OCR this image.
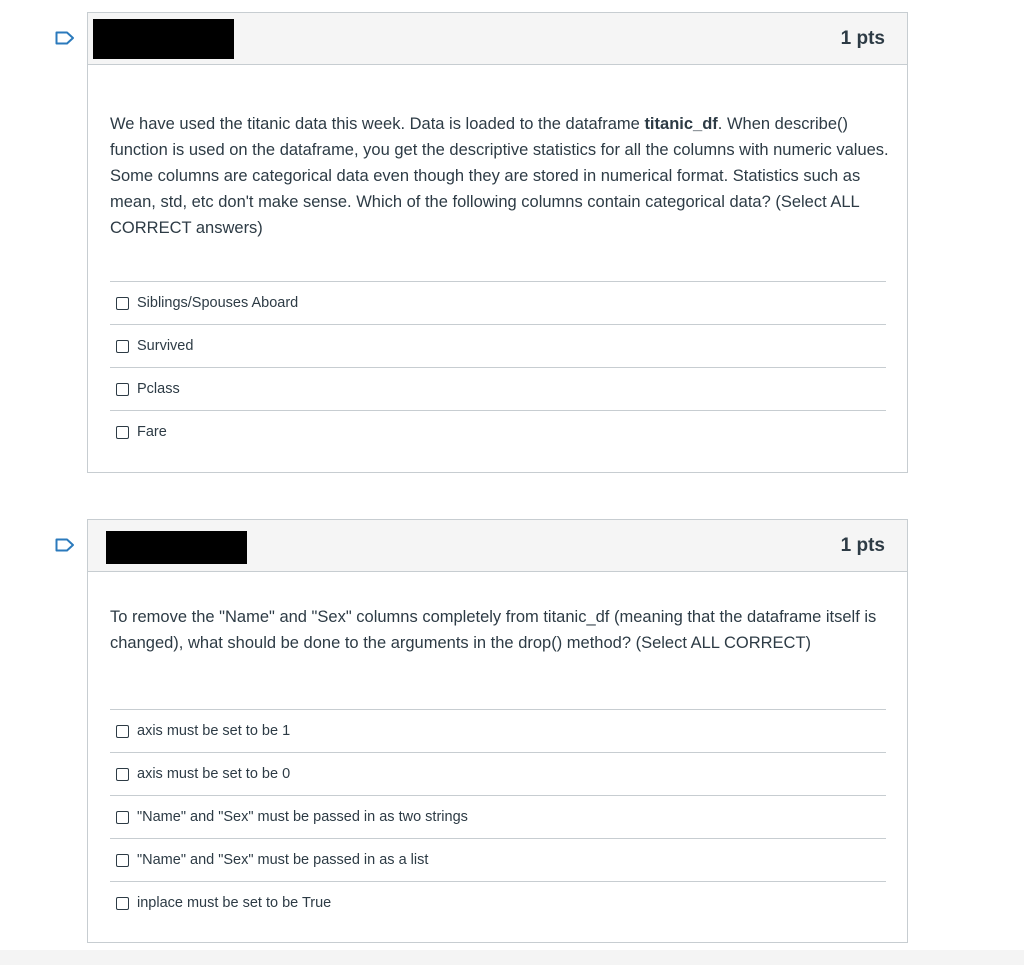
1 pts
We have used the titanic data this week. Data is loaded to the dataframe titanic_df. When describe() function is used on the dataframe, you get the descriptive statistics for all the columns with numeric values. Some columns are categorical data even though they are stored in numerical format. Statistics such as mean, std, etc don't make sense. Which of the following columns contain categorical data? (Select ALL CORRECT answers)
Siblings/Spouses Aboard
Survived
Pclass
Fare
1 pts
To remove the "Name" and "Sex" columns completely from titanic_df (meaning that the dataframe itself is changed), what should be done to the arguments in the drop() method? (Select ALL CORRECT)
axis must be set to be 1
axis must be set to be 0
"Name" and "Sex" must be passed in as two strings
"Name" and "Sex" must be passed in as a list
inplace must be set to be True
